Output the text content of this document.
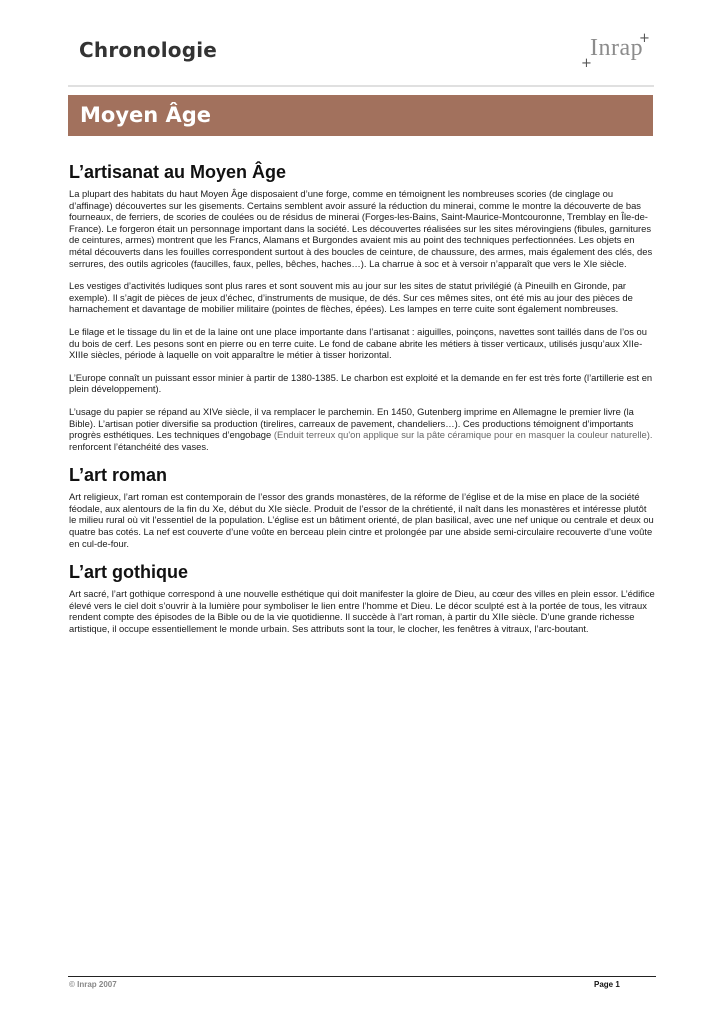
Chronologie	Inrap
+
+
Moyen Âge
L’artisanat au Moyen Âge

La plupart des habitats du haut Moyen Âge disposaient d’une forge, comme en témoignent les nombreuses scories (de cinglage ou d’affinage) découvertes sur les gisements. Certains semblent avoir assuré la réduction du minerai, comme le montre la découverte de bas fourneaux, de ferriers, de scories de coulées ou de résidus de minerai (Forges-les-Bains, Saint-Maurice-Montcouronne, Tremblay en Île-de-France). Le forgeron était un personnage important dans la société. Les découvertes réalisées sur les sites mérovingiens (fibules, garnitures de ceintures, armes) montrent que les Francs, Alamans et Burgondes avaient mis au point des techniques perfectionnées. Les objets en métal découverts dans les fouilles correspondent surtout à des boucles de ceinture, de chaussure, des armes, mais également des clés, des serrures, des outils agricoles (faucilles, faux, pelles, bêches, haches…). La charrue à soc et à versoir n’apparaît que vers le XIe siècle.

Les vestiges d’activités ludiques sont plus rares et sont souvent mis au jour sur les sites de statut privilégié (à Pineuilh en Gironde, par exemple). Il s’agit de pièces de jeux d’échec, d’instruments de musique, de dés. Sur ces mêmes sites, ont été mis au jour des pièces de harnachement et davantage de mobilier militaire (pointes de flèches, épées). Les lampes en terre cuite sont également nombreuses.

Le filage et le tissage du lin et de la laine ont une place importante dans l’artisanat : aiguilles, poinçons, navettes sont taillés dans de l’os ou du bois de cerf. Les pesons sont en pierre ou en terre cuite. Le fond de cabane abrite les métiers à tisser verticaux, utilisés jusqu’aux XIIe-XIIIe siècles, période à laquelle on voit apparaître le métier à tisser horizontal.

L’Europe connaît un puissant essor minier à partir de 1380-1385. Le charbon est exploité et la demande en fer est très forte (l’artillerie est en plein développement).

L’usage du papier se répand au XIVe siècle, il va remplacer le parchemin. En 1450, Gutenberg imprime en Allemagne le premier livre (la Bible). L’artisan potier diversifie sa production (tirelires, carreaux de pavement, chandeliers…). Ces productions témoignent d’importants progrès esthétiques. Les techniques d’engobage (Enduit terreux qu'on applique sur la pâte céramique pour en masquer la couleur naturelle). renforcent l’étanchéité des vases.

L’art roman

Art religieux, l’art roman est contemporain de l’essor des grands monastères, de la réforme de l’église et de la mise en place de la société féodale, aux alentours de la fin du Xe, début du XIe siècle. Produit de l’essor de la chrétienté, il naît dans les monastères et intéresse plutôt le milieu rural où vit l’essentiel de la population. L’église est un bâtiment orienté, de plan basilical, avec une nef unique ou centrale et deux ou quatre bas cotés. La nef est couverte d’une voûte en berceau plein cintre et prolongée par une abside semi-circulaire recouverte d’une voûte en cul-de-four.

L’art gothique

Art sacré, l’art gothique correspond à une nouvelle esthétique qui doit manifester la gloire de Dieu, au cœur des villes en plein essor. L’édifice élevé vers le ciel doit s’ouvrir à la lumière pour symboliser le lien entre l’homme et Dieu. Le décor sculpté est à la portée de tous, les vitraux rendent compte des épisodes de la Bible ou de la vie quotidienne. Il succède à l’art roman, à partir du XIIe siècle. D’une grande richesse artistique, il occupe essentiellement le monde urbain. Ses attributs sont la tour, le clocher, les fenêtres à vitraux, l’arc-boutant.

© Inrap 2007	Page 1
